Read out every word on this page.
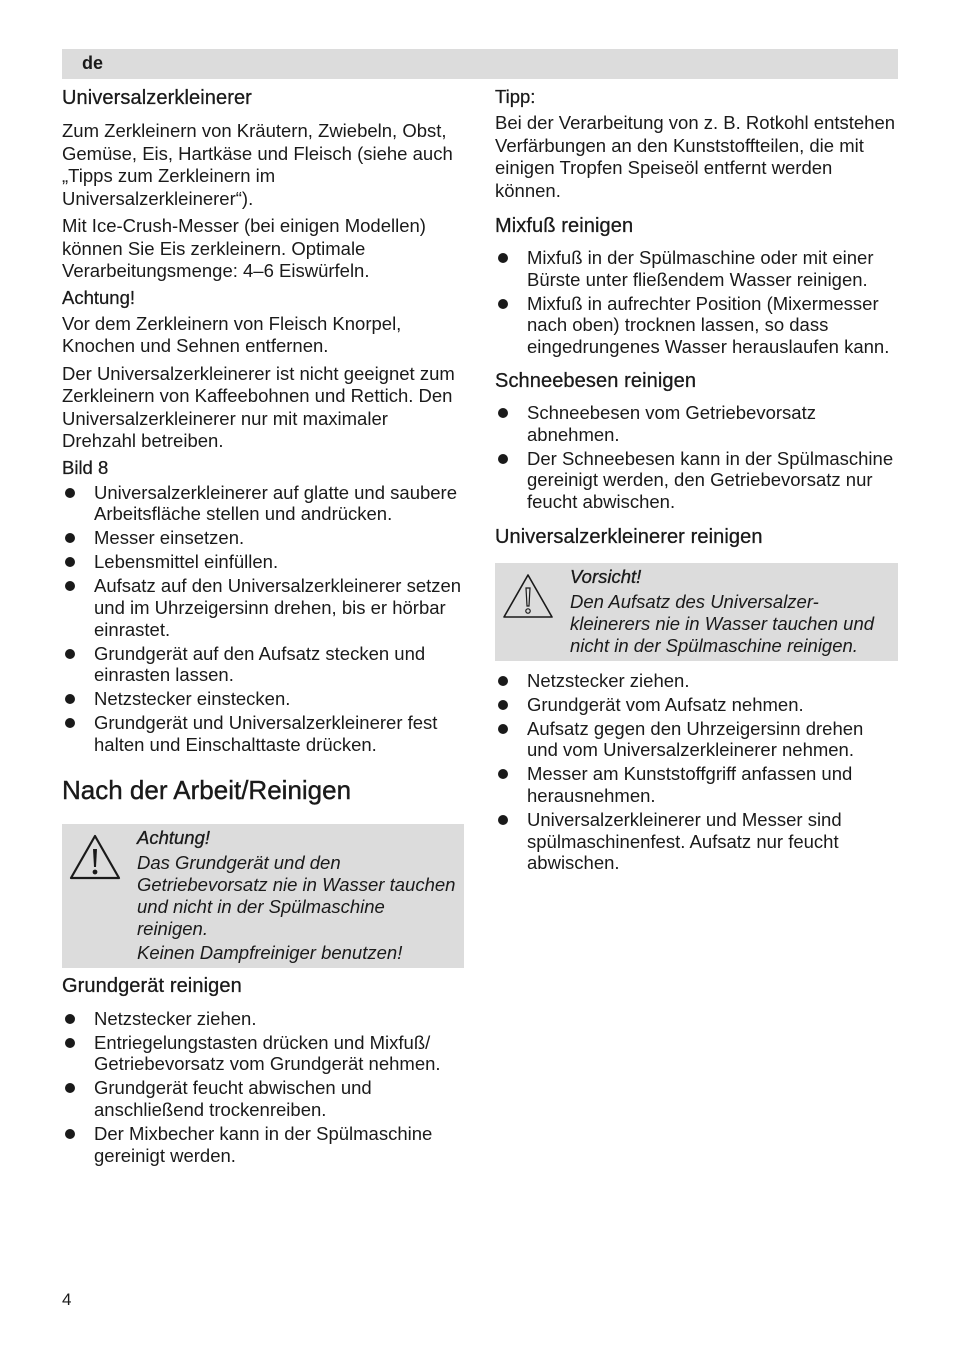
de
Universalzerkleinerer

Zum Zerkleinern von Kräutern, Zwiebeln, Obst, Gemüse, Eis, Hartkäse und Fleisch (siehe auch „Tipps zum Zerkleinern im Universalzerkleinerer“).

Mit Ice-Crush-Messer (bei einigen Modellen) können Sie Eis zerkleinern. Optimale Verarbeitungsmenge: 4–6 Eiswürfeln.

Achtung!

Vor dem Zerkleinern von Fleisch Knorpel, Knochen und Sehnen entfernen.

Der Universalzerkleinerer ist nicht geeignet zum Zerkleinern von Kaffeebohnen und Rettich. Den Universalzerkleinerer nur mit maximaler Drehzahl betreiben.

Bild 8
Universalzerkleinerer auf glatte und saubere Arbeitsfläche stellen und andrücken.
Messer einsetzen.
Lebensmittel einfüllen.
Aufsatz auf den Universalzerkleinerer setzen und im Uhrzeigersinn drehen, bis er hörbar einrastet.
Grundgerät auf den Aufsatz stecken und einrasten lassen.
Netzstecker einstecken.
Grundgerät und Universalzerkleinerer fest halten und Einschalttaste drücken.
Nach der Arbeit/Reinigen
Achtung!
Das Grundgerät und den Getriebevorsatz nie in Wasser tauchen und nicht in der Spülmaschine reinigen.
Keinen Dampfreiniger benutzen!
Grundgerät reinigen
Netzstecker ziehen.
Entriegelungstasten drücken und Mixfuß/ Getriebevorsatz vom Grundgerät nehmen.
Grundgerät feucht abwischen und anschließend trockenreiben.
Der Mixbecher kann in der Spülmaschine gereinigt werden.
Tipp:

Bei der Verarbeitung von z. B. Rotkohl entstehen Verfärbungen an den Kunststoffteilen, die mit einigen Tropfen Speiseöl entfernt werden können.

Mixfuß reinigen
Mixfuß in der Spülmaschine oder mit einer Bürste unter fließendem Wasser reinigen.
Mixfuß in aufrechter Position (Mixermesser nach oben) trocknen lassen, so dass eingedrungenes Wasser herauslaufen kann.
Schneebesen reinigen
Schneebesen vom Getriebevorsatz abnehmen.
Der Schneebesen kann in der Spülmaschine gereinigt werden, den Getriebevorsatz nur feucht abwischen.
Universalzerkleinerer reinigen
Vorsicht!
Den Aufsatz des Universalzer-kleinerers nie in Wasser tauchen und nicht in der Spülmaschine reinigen.
Netzstecker ziehen.
Grundgerät vom Aufsatz nehmen.
Aufsatz gegen den Uhrzeigersinn drehen und vom Universalzerkleinerer nehmen.
Messer am Kunststoffgriff anfassen und herausnehmen.
Universalzerkleinerer und Messer sind spülmaschinenfest. Aufsatz nur feucht abwischen.
4
